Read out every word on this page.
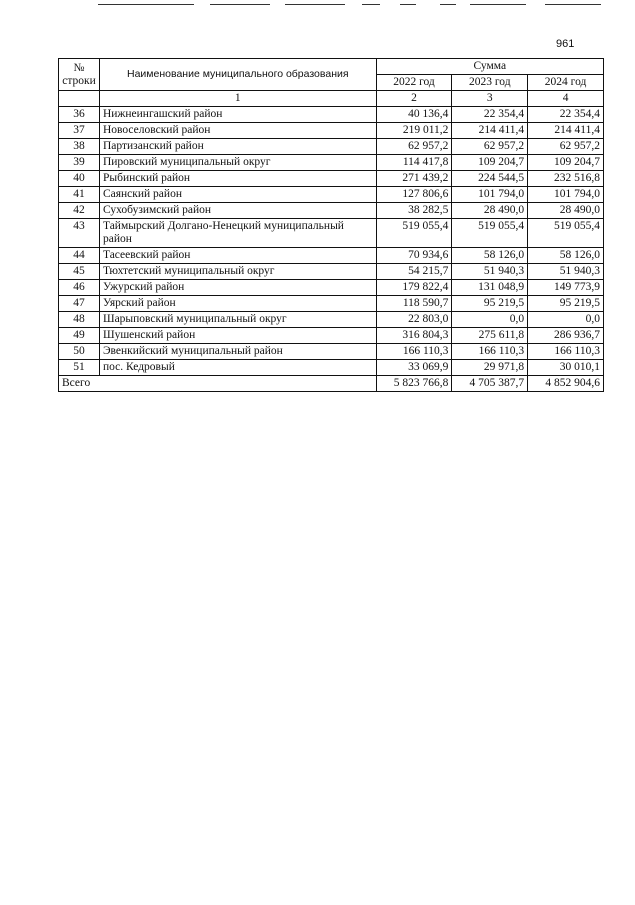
961
№ строки	Наименование муниципального образования	Сумма		
		2022 год	2023 год	2024 год
	1	2	3	4
36	Нижнеингашский район	40 136,4	22 354,4	22 354,4
37	Новоселовский район	219 011,2	214 411,4	214 411,4
38	Партизанский район	62 957,2	62 957,2	62 957,2
39	Пировский муниципальный округ	114 417,8	109 204,7	109 204,7
40	Рыбинский район	271 439,2	224 544,5	232 516,8
41	Саянский район	127 806,6	101 794,0	101 794,0
42	Сухобузимский район	38 282,5	28 490,0	28 490,0
43	Таймырский Долгано-Ненецкий муниципальный район	519 055,4	519 055,4	519 055,4
44	Тасеевский район	70 934,6	58 126,0	58 126,0
45	Тюхтетский муниципальный округ	54 215,7	51 940,3	51 940,3
46	Ужурский район	179 822,4	131 048,9	149 773,9
47	Уярский район	118 590,7	95 219,5	95 219,5
48	Шарыповский муниципальный округ	22 803,0	0,0	0,0
49	Шушенский район	316 804,3	275 611,8	286 936,7
50	Эвенкийский муниципальный район	166 110,3	166 110,3	166 110,3
51	пос. Кедровый	33 069,9	29 971,8	30 010,1
Всего		5 823 766,8	4 705 387,7	4 852 904,6
